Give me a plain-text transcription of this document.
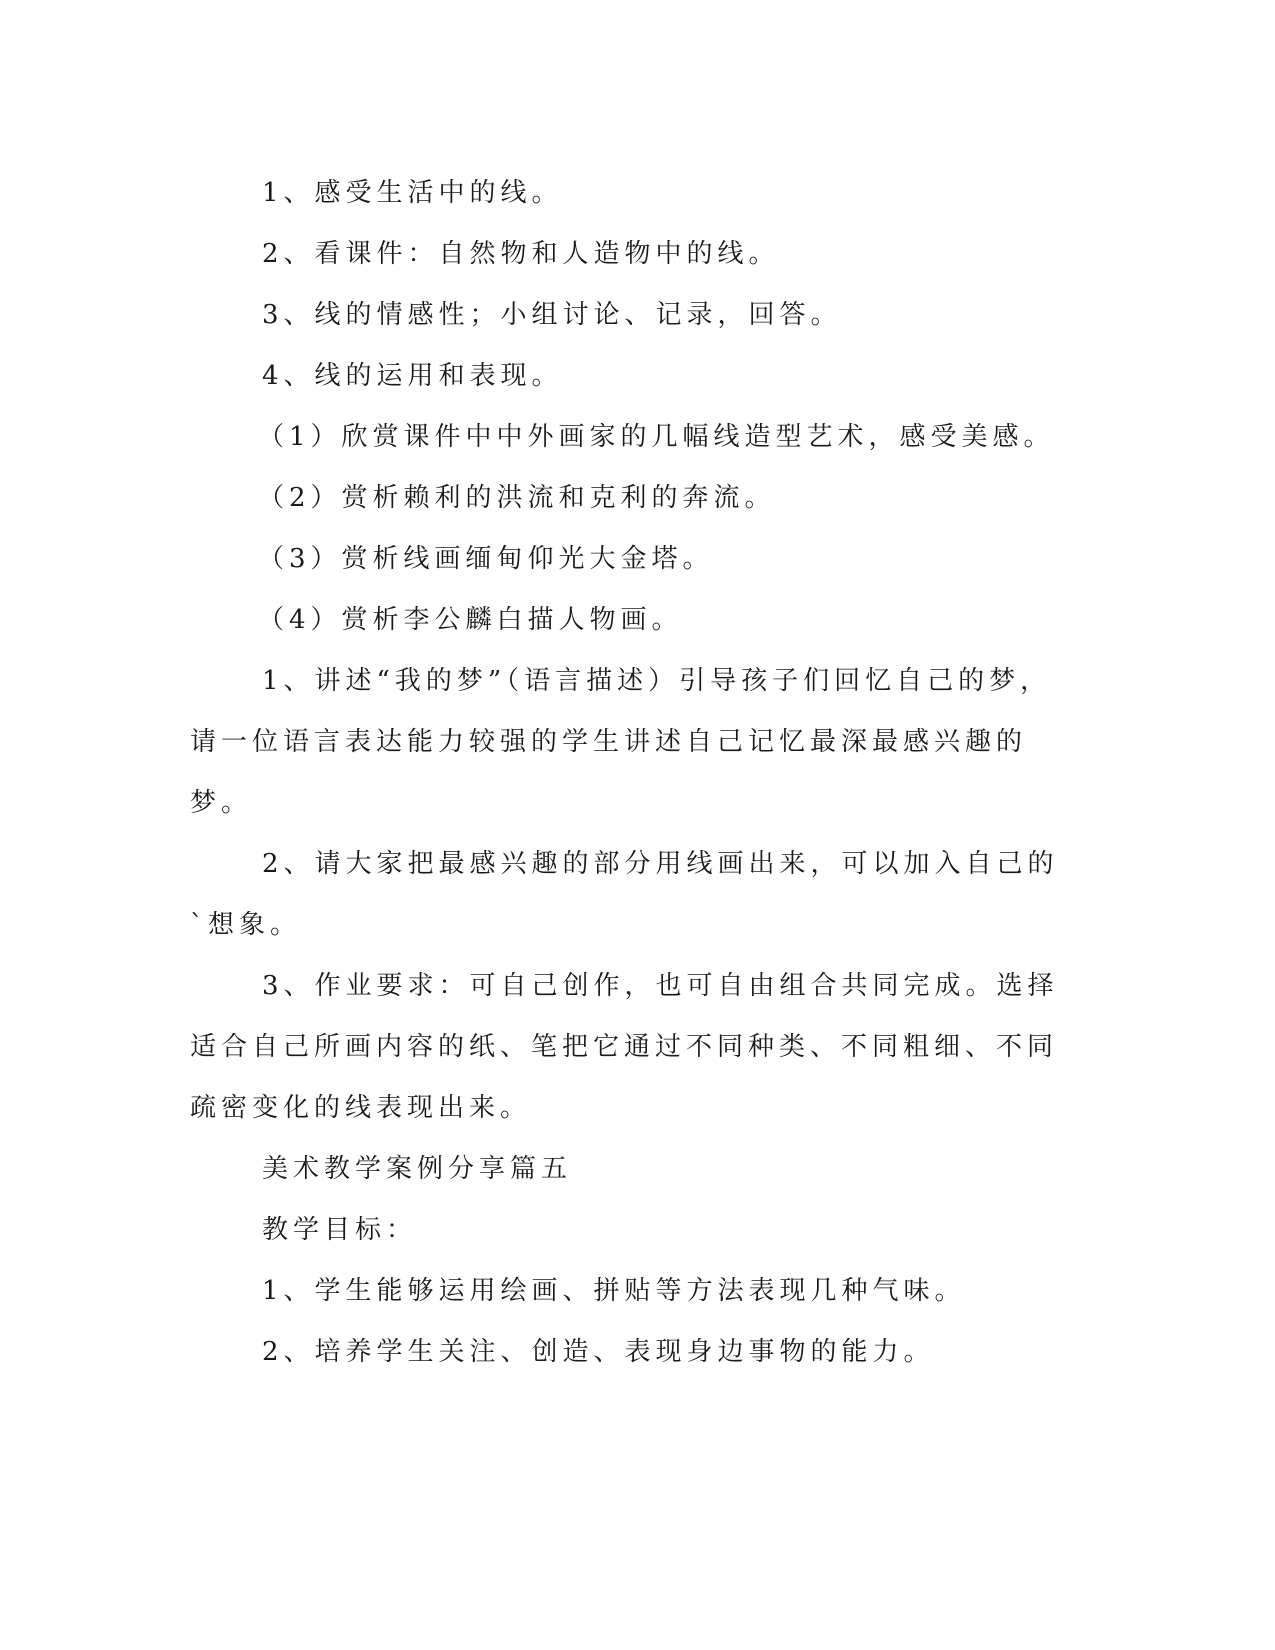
1、感受生活中的线。

2、看课件：自然物和人造物中的线。

3、线的情感性；小组讨论、记录，回答。

4、线的运用和表现。

（1）欣赏课件中中外画家的几幅线造型艺术，感受美感。

（2）赏析赖利的洪流和克利的奔流。

（3）赏析线画缅甸仰光大金塔。

（4）赏析李公麟白描人物画。

1、讲述“我的梦”（语言描述）引导孩子们回忆自己的梦，请一位语言表达能力较强的学生讲述自己记忆最深最感兴趣的梦。

2、请大家把最感兴趣的部分用线画出来，可以加入自己的`想象。

3、作业要求：可自己创作，也可自由组合共同完成。选择适合自己所画内容的纸、笔把它通过不同种类、不同粗细、不同疏密变化的线表现出来。

美术教学案例分享篇五

教学目标：

1、学生能够运用绘画、拼贴等方法表现几种气味。

2、培养学生关注、创造、表现身边事物的能力。
